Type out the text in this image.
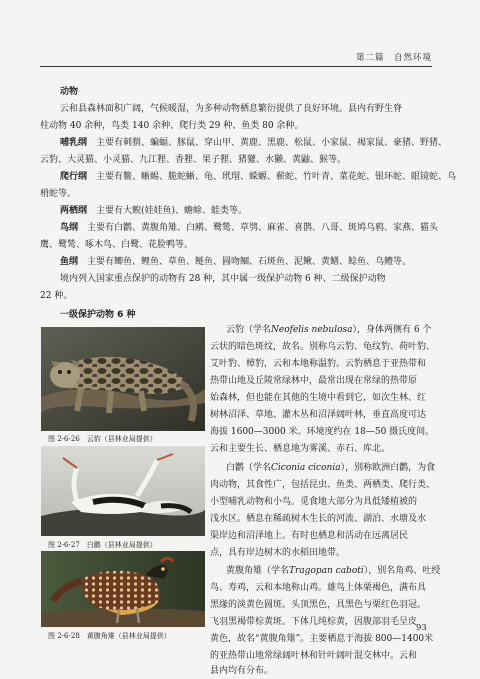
第二篇　自然环境
动物
云和县森林面积广阔，气候暖湿，为多种动物栖息繁衍提供了良好环境。县内有野生脊
柱动物 40 余种，鸟类 140 余种、爬行类 29 种、鱼类 80 余种。
哺乳纲　 主要有刺猬、蝙蝠、豚鼠、穿山甲、黄鹿、黑鹿、松鼠、小家鼠、褐家鼠、豪猪、野猪、
云豹、大灵猫、小灵猫、九江狸、香狸、果子狸、猪獾、水獭、黄鼬、猴等。
爬行纲　 主要有鳖、蜥蜴、脆蛇蜥、龟、玳瑁、蝾螈、蕲蛇、竹叶青、菜花蛇、银环蛇、眼镜蛇、乌
梢蛇等。
两栖纲　 主要有大鲵(娃娃鱼)、蟾蜍、蛙类等。
鸟纲　 主要有白鹳、黄腹角雉、白鹇、鹭鸶、草鸮、麻雀、喜鹊、八哥、斑鸠乌鸦、家燕、猫头
鹰、鹭鸶、啄木鸟、白鹭、花脸鸭等。
鱼纲　 主要有鲫鱼、鲤鱼、草鱼、鲢鱼、圆吻鲴、石斑鱼、泥鳅、黄鳝、鲶鱼、乌鳢等。
境内列入国家重点保护的动物有 28 种，其中属一级保护动物 6 种、二级保护动物
22 种。
一级保护动物 6 种
图 2-6-26　云豹（县林业局提供）
图 2-6-27　白鹳（县林业局提供）
图 2-6-28　黄腹角雉（县林业局提供）
云豹（学名Neofelis nebulosa），身体两侧有 6 个
云状的暗色斑纹，故名。别称乌云豹、龟纹豹、荷叶豹、
艾叶豹、樟豹，云和本地称温豹。云豹栖息于亚热带和
热带山地及丘陵常绿林中，最常出现在常绿的热带原
始森林，但也能在其他的生境中看到它，如次生林、红
树林沼泽、草地、灌木丛和沼泽阔叶林，垂直高度可达
海拔 1600—3000 米。环境度约在 18—50 摄氏度间。
云和主要生长、栖息地为雾溪、赤石、库北。
白鹳（学名Ciconia ciconia），别称欧洲白鹳，为食
肉动物，其食性广，包括昆虫、鱼类、两栖类、爬行类、
小型哺乳动物和小鸟。觅食地大部分为具低矮植被的
浅水区。栖息在稀疏树木生长的河流、湖泊、水塘及水
渠岸边和沼泽地上。有时也栖息和活动在远离居民
点，具有岸边树木的水稻田地带。
黄腹角雉（学名Tragopan caboti），别名角鸡、吐绶
鸟、寿鸡，云和本地称山鸡。雄鸟上体栗褐色，满布具
黑缘的淡黄色圆斑。头顶黑色，具黑色与栗红色羽冠。
飞羽黑褐带棕黄斑。下体几纯棕黄，因腹部羽毛呈皮
黄色，故名“黄腹角雉”。主要栖息于海拔 800—1400米
的亚热带山地常绿阔叶林和针叶阔叶混交林中。云和
县内均有分布。
93
